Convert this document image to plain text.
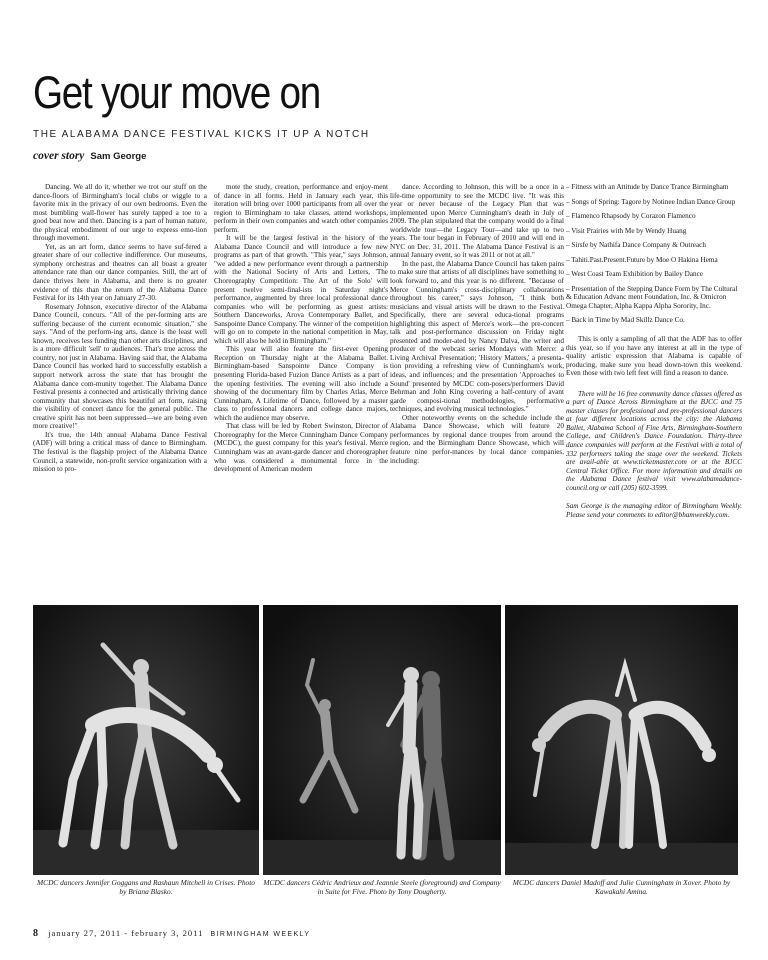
Get your move on
THE ALABAMA DANCE FESTIVAL KICKS IT UP A NOTCH
cover story Sam George

Dancing. We all do it, whether we trot our stuff on the dance-floors of Birmingham's local clubs or wiggle to a favorite mix in the privacy of our own bedrooms. Even the most bumbling wall-flower has surely tapped a toe to a good beat now and then. Dancing is a part of human nature, the physical embodiment of our urge to express emo-tion through movement.

Yet, as an art form, dance seems to have suf-fered a greater share of our collective indifference. Our museums, symphony orchestras and theatres can all boast a greater attendance rate than our dance companies. Still, the art of dance thrives here in Alabama, and there is no greater evidence of this than the return of the Alabama Dance Festival for its 14th year on January 27-30.

Rosemary Johnson, executive director of the Alabama Dance Council, concurs. "All of the per-forming arts are suffering because of the current economic situation," she says. "And of the perform-ing arts, dance is the least well known, receives less funding than other arts disciplines, and is a more difficult 'sell' to audiences. That's true across the country, not just in Alabama. Having said that, the Alabama Dance Council has worked hard to successfully establish a support network across the state that has brought the Alabama dance com-munity together. The Alabama Dance Festival presents a connected and artistically thriving dance community that showcases this beautiful art form, raising the visibility of concert dance for the general public. The creative spirit has not been suppressed—we are being even more creative!"

It's true, the 14th annual Alabama Dance Festival (ADF) will bring a critical mass of dance to Birmingham. The festival is the flagship project of the Alabama Dance Council, a statewide, non-profit service organization with a mission to pro-

mote the study, creation, performance and enjoy-ment of dance in all forms. Held in January each year, this iteration will bring over 1000 participants from all over the region to Birmingham to take classes, attend workshops, perform in their own companies and watch other companies perform.

It will be the largest festival in the history of the Alabama Dance Council and will introduce a few new programs as part of that growth. "This year," says Johnson, "we added a new performance event through a partnership with the National Society of Arts and Letters, 'The Choreography Competition: The Art of the Solo' will present twelve semi-final-ists in Saturday night's performance, augmented by three local professional dance companies who will be performing as guest artists: Southern Danceworks, Arova Contemporary Ballet, and Sanspointe Dance Company. The winner of the competition will go on to compete in the national competition in May, which will also be held in Birmingham."

This year will also feature the first-ever Opening Reception on Thursday night at the Alabama Ballet. Birmingham-based Sanspointe Dance Company is presenting Florida-based Fuzion Dance Artists as a part of the opening festivities. The evening will also include a showing of the documentary film by Charles Atlas, Merce Cunningham, A Lifetime of Dance, followed by a master class to professional dancers and college dance majors, which the audience may observe.

That class will be led by Robert Swinston, Director of Choreography for the Merce Cunningham Dance Company (MCDC), the guest company for this year's festival. Merce Cunningham was an avant-garde dancer and choreographer who was considered a monumental force in the development of American modern

dance. According to Johnson, this will be a once in a life-time opportunity to see the MCDC live. "It was this year or never because of the Legacy Plan that was implemented upon Merce Cunningham's death in July of 2009. The plan stipulated that the company would do a final worldwide tour—the Legacy Tour—and take up to two years. The tour began in February of 2010 and will end in NYC on Dec. 31, 2011. The Alabama Dance Festival is an annual January event, so it was 2011 or not at all."

In the past, the Alabama Dance Council has taken pains to make sure that artists of all disciplines have something to look forward to, and this year is no different. "Because of Merce Cunningham's cross-disciplinary collaborations throughout his career," says Johnson, "I think both musicians and visual artists will be drawn to the Festival. Specifically, there are several educa-tional programs highlighting this aspect of Merce's work—the pre-concert talk and post-performance discussion on Friday night presented and moder-ated by Nancy Dalva, the writer and producer of the webcast series Mondays with Merce: a Living Archival Presentation; 'History Matters,' a presenta-tion providing a refreshing view of Cunningham's work, ideas, and influences; and the presentation 'Approaches to Sound' presented by MCDC com-posers/performers David Behrman and John King covering a half-century of avant garde composi-tional methodologies, performative techniques, and evolving musical technologies."

Other noteworthy events on the schedule include the Alabama Dance Showcase, which will feature 20 performances by regional dance troupes from around the region, and the Birmingham Dance Showcase, which will feature nine perfor-mances by local dance companies, including:

– Fitness with an Attitude by Dance Trance Birmingham

– Songs of Spring: Tagore by Notinee Indian Dance Group

– Flamenco Rhapsody by Corazon Flamenco

– Visit Prairies with Me by Wendy Huang

– Sirsfe by Nathifa Dance Company & Outreach

– Tahiti.Past.Present.Future by Moe O Hakina Hema

– West Coast Team Exhibition by Bailey Dance

– Presentation of the Stepping Dance Form by The Cultural & Education Advanc ment Foundation, Inc. & Omicron Omega Chapter, Alpha Kappa Alpha Sorority, Inc.

– Back in Time by Mad Skillz Dance Co.

This is only a sampling of all that the ADF has to offer this year, so if you have any interest at all in the type of quality artistic expression that Alabama is capable of producing, make sure you head down-town this weekend. Even those with two left feet will find a reason to dance.

There will be 16 free community dance classes offered as a part of Dance Across Birmingham at the BJCC and 75 master classes for professional and pre-professional dancers at four different locations across the city: the Alabama Ballet, Alabama School of Fine Arts, Birmingham-Southern College, and Children's Dance Foundation. Thirty-three dance companies will perform at the Festival with a total of 332 performers taking the stage over the weekend. Tickets are avail-able at www.ticketmaster.com or at the BJCC Central Ticket Office. For more information and details on the Alabama Dance festival visit www.alabamadance-council.org or call (205) 602-3599.

Sam George is the managing editor of Birmingham Weekly. Please send your comments to editor@bhamweekly.com.

MCDC dancers Jennifer Goggans and Rashaun Mitchell in Crises. Photo by Briana Blasko.
MCDC dancers Cédric Andrieux and Jeannie Steele (foreground) and Company in Suite for Five. Photo by Tony Dougherty.
MCDC dancers Daniel Madoff and Julie Cunningham in Xover. Photo by Kawakahi Amina.
8 january 27, 2011 - february 3, 2011 BIRMINGHAM WEEKLY
